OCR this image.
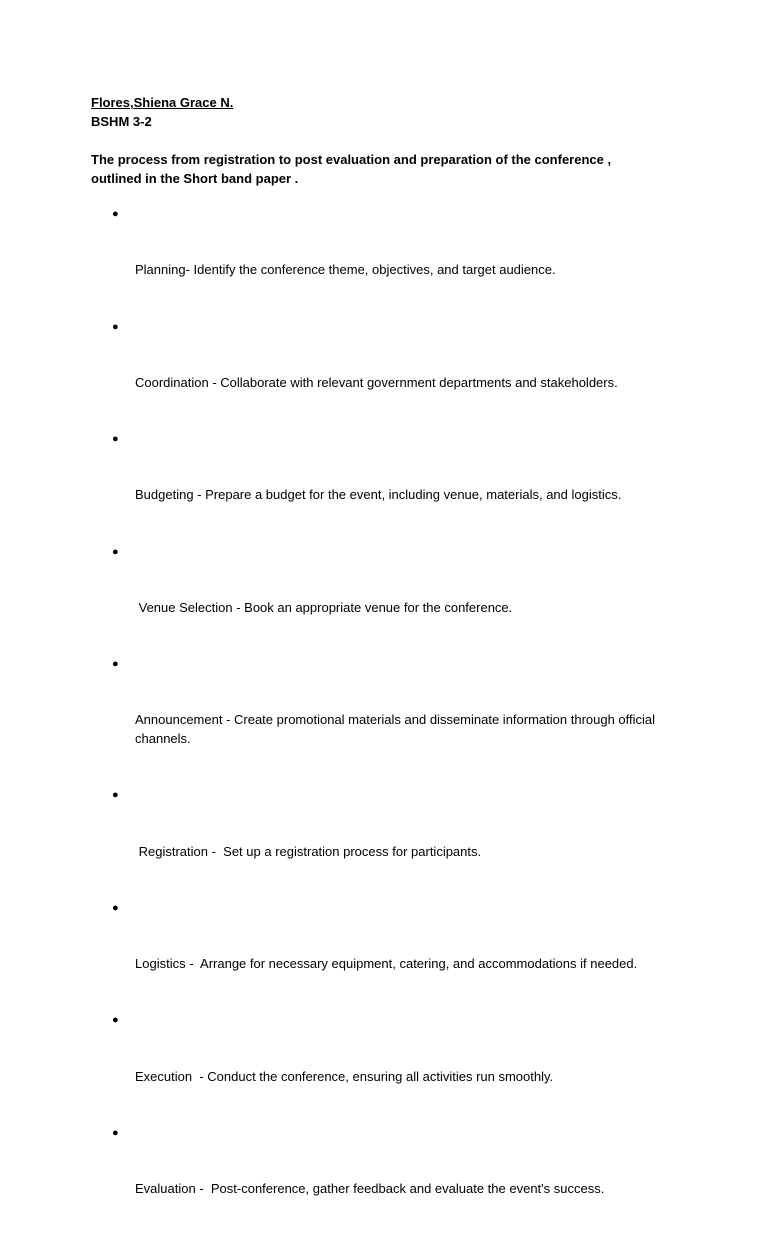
Flores,Shiena Grace N.

BSHM 3-2

The process from registration to post evaluation and preparation of the conference ,
outlined in the Short band paper .

●

Planning- Identify the conference theme, objectives, and target audience.

●

Coordination - Collaborate with relevant government departments and stakeholders.

●

Budgeting - Prepare a budget for the event, including venue, materials, and logistics.

●

Venue Selection - Book an appropriate venue for the conference.

●

Announcement - Create promotional materials and disseminate information through official channels.

●

Registration -  Set up a registration process for participants.

●

Logistics -  Arrange for necessary equipment, catering, and accommodations if needed.

●

Execution  - Conduct the conference, ensuring all activities run smoothly.

●

Evaluation -  Post-conference, gather feedback and evaluate the event's success.
